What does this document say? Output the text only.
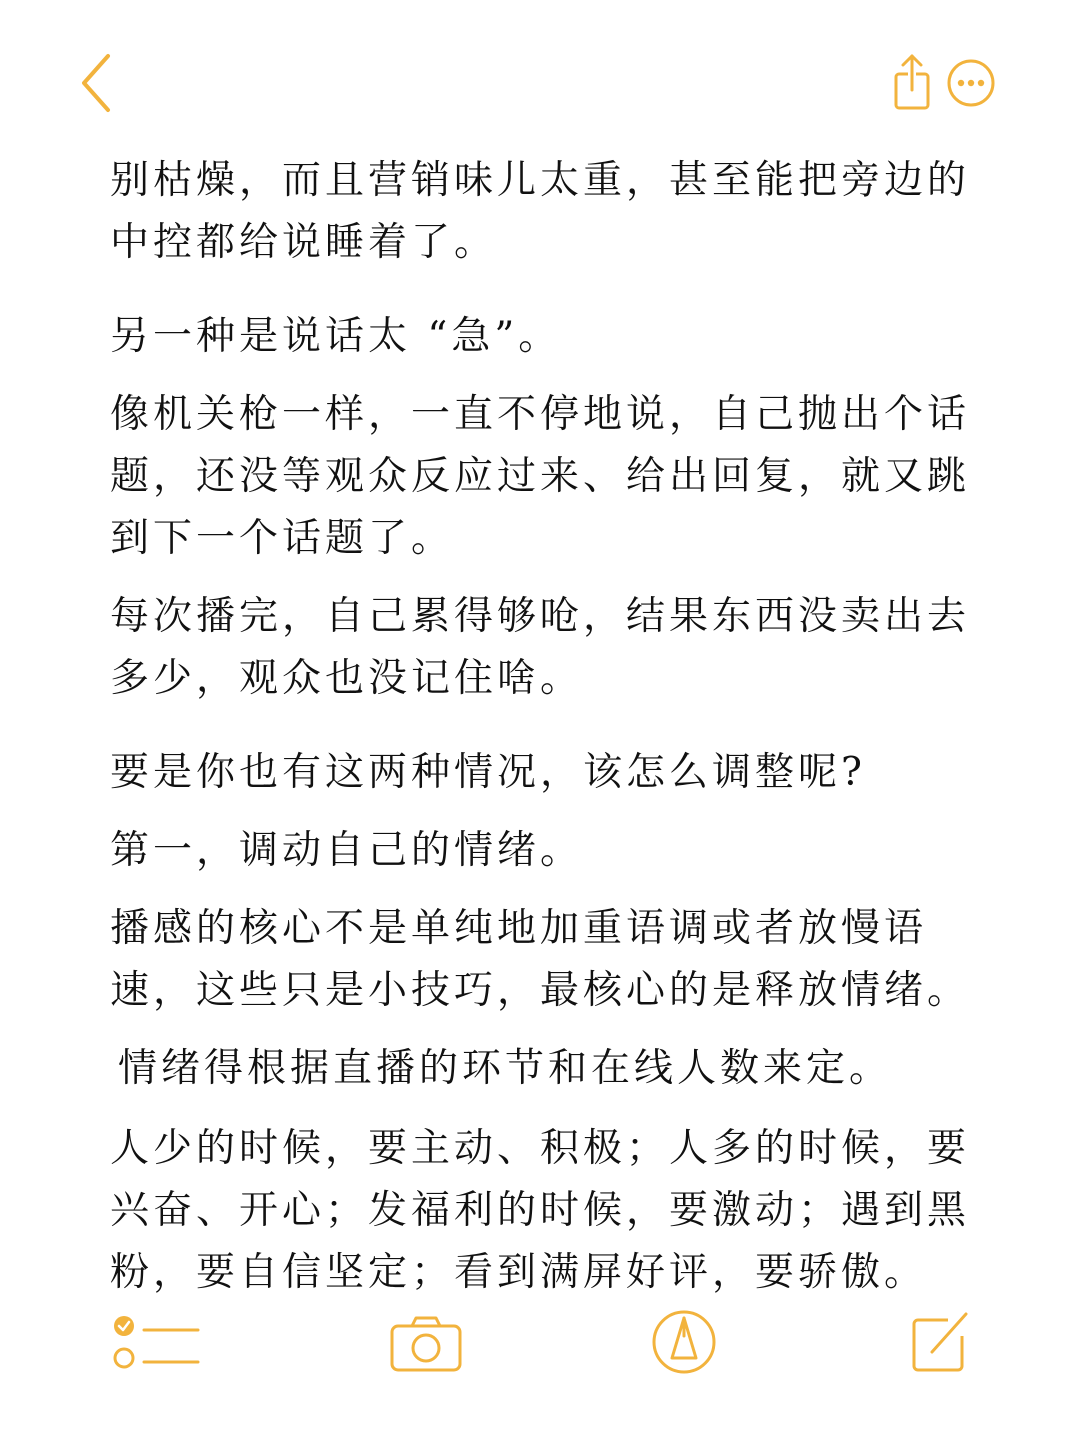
别枯燥，而且营销味儿太重，甚至能把旁边的中控都给说睡着了。

另一种是说话太 “急”。

像机关枪一样，一直不停地说，自己抛出个话题，还没等观众反应过来、给出回复，就又跳到下一个话题了。

每次播完，自己累得够呛，结果东西没卖出去多少，观众也没记住啥。

要是你也有这两种情况，该怎么调整呢?

第一，调动自己的情绪。

播感的核心不是单纯地加重语调或者放慢语速，这些只是小技巧，最核心的是释放情绪。

情绪得根据直播的环节和在线人数来定。

人少的时候，要主动、积极；人多的时候，要兴奋、开心；发福利的时候，要激动；遇到黑粉，要自信坚定；看到满屏好评，要骄傲。
